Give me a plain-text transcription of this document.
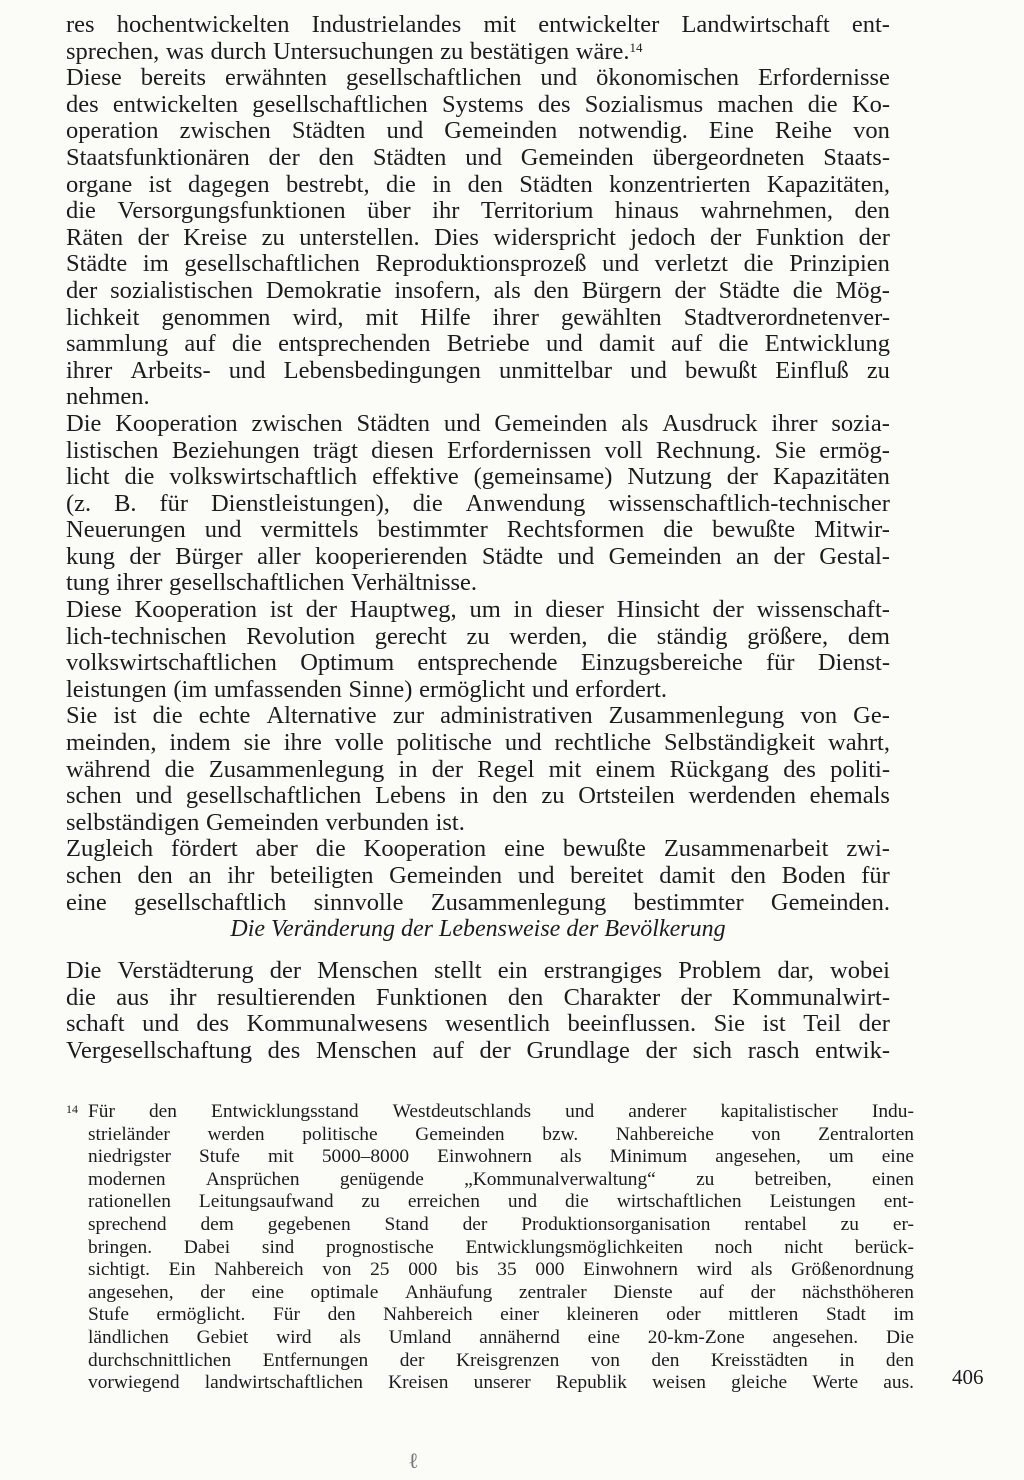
res hochentwickelten Industrielandes mit entwickelter Landwirtschaft ent-
sprechen, was durch Untersuchungen zu bestätigen wäre.$^{14}$
Diese bereits erwähnten gesellschaftlichen und ökonomischen Erfordernisse
des entwickelten gesellschaftlichen Systems des Sozialismus machen die Ko-
operation zwischen Städten und Gemeinden notwendig. Eine Reihe von
Staatsfunktionären der den Städten und Gemeinden übergeordneten Staats-
organe ist dagegen bestrebt, die in den Städten konzentrierten Kapazitäten,
die Versorgungsfunktionen über ihr Territorium hinaus wahrnehmen, den
Räten der Kreise zu unterstellen. Dies widerspricht jedoch der Funktion der
Städte im gesellschaftlichen Reproduktionsprozeß und verletzt die Prinzipien
der sozialistischen Demokratie insofern, als den Bürgern der Städte die Mög-
lichkeit genommen wird, mit Hilfe ihrer gewählten Stadtverordnetenver-
sammlung auf die entsprechenden Betriebe und damit auf die Entwicklung
ihrer Arbeits- und Lebensbedingungen unmittelbar und bewußt Einfluß zu
nehmen.
Die Kooperation zwischen Städten und Gemeinden als Ausdruck ihrer sozia-
listischen Beziehungen trägt diesen Erfordernissen voll Rechnung. Sie ermög-
licht die volkswirtschaftlich effektive (gemeinsame) Nutzung der Kapazitäten
(z. B. für Dienstleistungen), die Anwendung wissenschaftlich-technischer
Neuerungen und vermittels bestimmter Rechtsformen die bewußte Mitwir-
kung der Bürger aller kooperierenden Städte und Gemeinden an der Gestal-
tung ihrer gesellschaftlichen Verhältnisse.
Diese Kooperation ist der Hauptweg, um in dieser Hinsicht der wissenschaft-
lich-technischen Revolution gerecht zu werden, die ständig größere, dem
volkswirtschaftlichen Optimum entsprechende Einzugsbereiche für Dienst-
leistungen (im umfassenden Sinne) ermöglicht und erfordert.
Sie ist die echte Alternative zur administrativen Zusammenlegung von Ge-
meinden, indem sie ihre volle politische und rechtliche Selbständigkeit wahrt,
während die Zusammenlegung in der Regel mit einem Rückgang des politi-
schen und gesellschaftlichen Lebens in den zu Ortsteilen werdenden ehemals
selbständigen Gemeinden verbunden ist.
Zugleich fördert aber die Kooperation eine bewußte Zusammenarbeit zwi-
schen den an ihr beteiligten Gemeinden und bereitet damit den Boden für
eine gesellschaftlich sinnvolle Zusammenlegung bestimmter Gemeinden.
Die Veränderung der Lebensweise der Bevölkerung
Die Verstädterung der Menschen stellt ein erstrangiges Problem dar, wobei
die aus ihr resultierenden Funktionen den Charakter der Kommunalwirt-
schaft und des Kommunalwesens wesentlich beeinflussen. Sie ist Teil der
Vergesellschaftung des Menschen auf der Grundlage der sich rasch entwik-
14 Für den Entwicklungsstand Westdeutschlands und anderer kapitalistischer Indu-
strieländer werden politische Gemeinden bzw. Nahbereiche von Zentralorten
niedrigster Stufe mit 5000–8000 Einwohnern als Minimum angesehen, um eine
modernen Ansprüchen genügende „Kommunalverwaltung“ zu betreiben, einen
rationellen Leitungsaufwand zu erreichen und die wirtschaftlichen Leistungen ent-
sprechend dem gegebenen Stand der Produktionsorganisation rentabel zu er-
bringen. Dabei sind prognostische Entwicklungsmöglichkeiten noch nicht berück-
sichtigt. Ein Nahbereich von 25 000 bis 35 000 Einwohnern wird als Größenordnung
angesehen, der eine optimale Anhäufung zentraler Dienste auf der nächsthöheren
Stufe ermöglicht. Für den Nahbereich einer kleineren oder mittleren Stadt im
ländlichen Gebiet wird als Umland annähernd eine 20-km-Zone angesehen. Die
durchschnittlichen Entfernungen der Kreisgrenzen von den Kreisstädten in den
vorwiegend landwirtschaftlichen Kreisen unserer Republik weisen gleiche Werte aus. 406
ℓ
